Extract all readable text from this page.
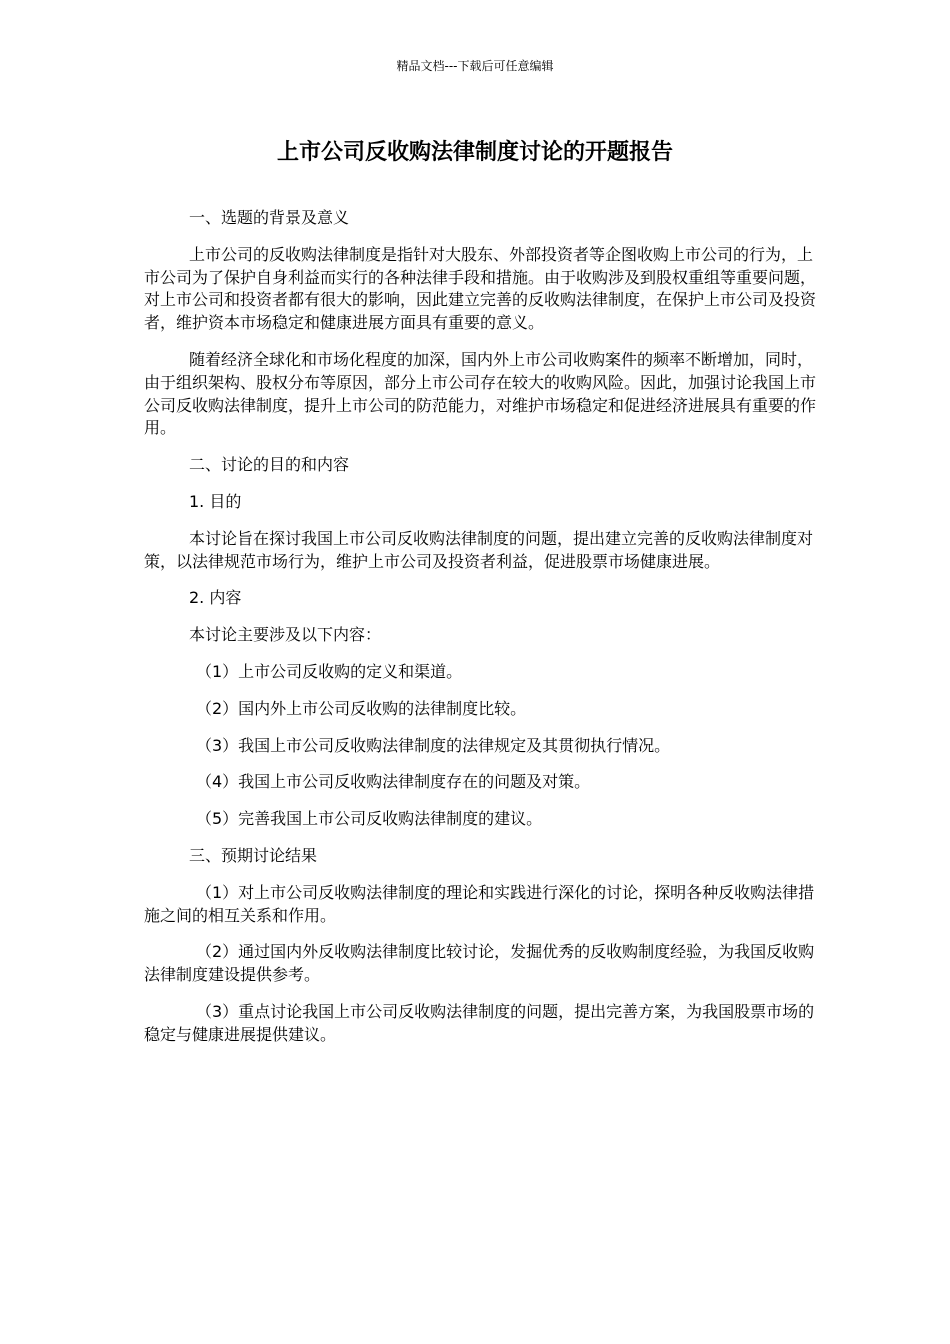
精品文档---下载后可任意编辑
上市公司反收购法律制度讨论的开题报告

一、选题的背景及意义

上市公司的反收购法律制度是指针对大股东、外部投资者等企图收购上市公司的行为，上市公司为了保护自身利益而实行的各种法律手段和措施。由于收购涉及到股权重组等重要问题，对上市公司和投资者都有很大的影响，因此建立完善的反收购法律制度，在保护上市公司及投资者，维护资本市场稳定和健康进展方面具有重要的意义。

随着经济全球化和市场化程度的加深，国内外上市公司收购案件的频率不断增加，同时，由于组织架构、股权分布等原因，部分上市公司存在较大的收购风险。因此，加强讨论我国上市公司反收购法律制度，提升上市公司的防范能力，对维护市场稳定和促进经济进展具有重要的作用。

二、讨论的目的和内容

1. 目的

本讨论旨在探讨我国上市公司反收购法律制度的问题，提出建立完善的反收购法律制度对策，以法律规范市场行为，维护上市公司及投资者利益，促进股票市场健康进展。

2. 内容

本讨论主要涉及以下内容：

（1）上市公司反收购的定义和渠道。

（2）国内外上市公司反收购的法律制度比较。

（3）我国上市公司反收购法律制度的法律规定及其贯彻执行情况。

（4）我国上市公司反收购法律制度存在的问题及对策。

（5）完善我国上市公司反收购法律制度的建议。

三、预期讨论结果

（1）对上市公司反收购法律制度的理论和实践进行深化的讨论，探明各种反收购法律措施之间的相互关系和作用。

（2）通过国内外反收购法律制度比较讨论，发掘优秀的反收购制度经验，为我国反收购法律制度建设提供参考。

（3）重点讨论我国上市公司反收购法律制度的问题，提出完善方案，为我国股票市场的稳定与健康进展提供建议。
